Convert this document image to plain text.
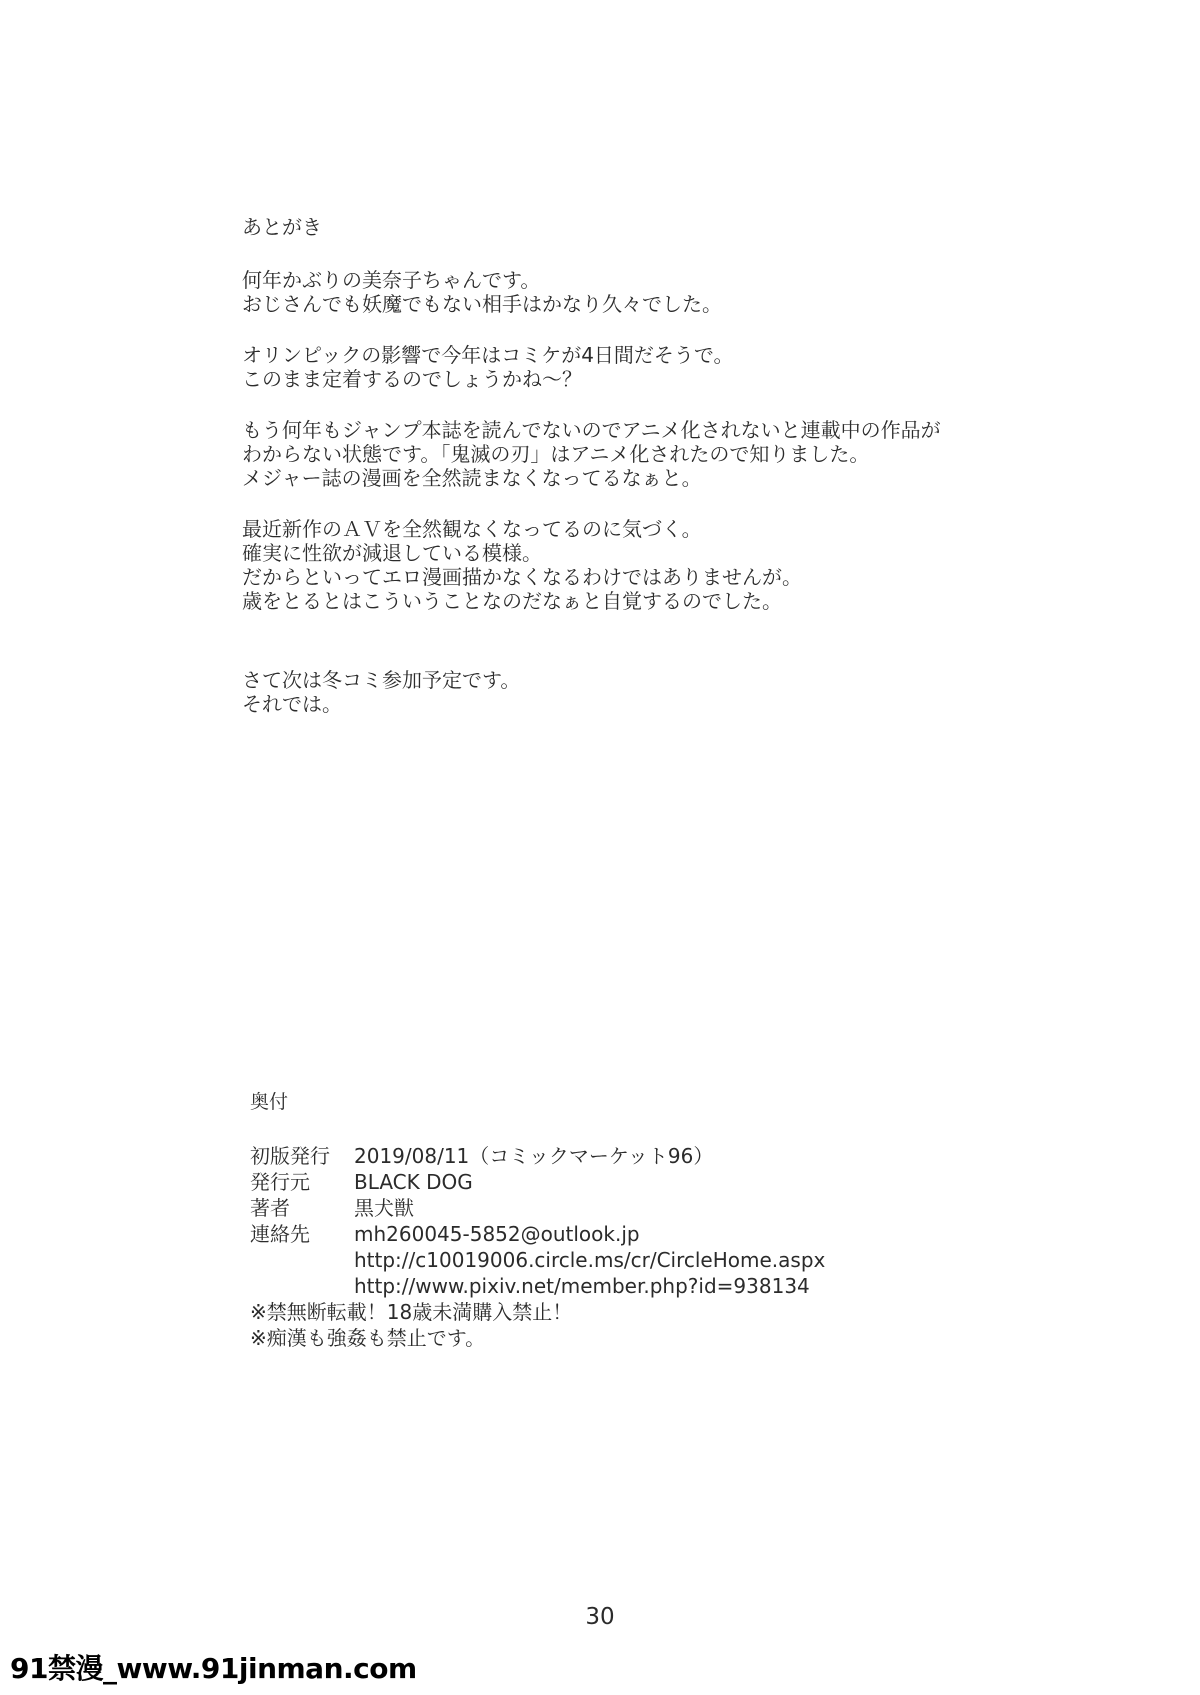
あとがき
何年かぶりの美奈子ちゃんです。
おじさんでも妖魔でもない相手はかなり久々でした。
オリンピックの影響で今年はコミケが4日間だそうで。
このまま定着するのでしょうかね～？
もう何年もジャンプ本誌を読んでないのでアニメ化されないと連載中の作品が
わからない状態です。「鬼滅の刃」はアニメ化されたので知りました。
メジャー誌の漫画を全然読まなくなってるなぁと。
最近新作のＡＶを全然観なくなってるのに気づく。
確実に性欲が減退している模様。
だからといってエロ漫画描かなくなるわけではありませんが。
歳をとるとはこういうことなのだなぁと自覚するのでした。
さて次は冬コミ参加予定です。
それでは。
奥付
初版発行	2019/08/11（コミックマーケット96）
発行元	BLACK DOG
著者	黒犬獣
連絡先	mh260045-5852@outlook.jp
http://c10019006.circle.ms/cr/CircleHome.aspx
http://www.pixiv.net/member.php?id=938134
※禁無断転載！18歳未満購入禁止！
※痴漢も強姦も禁止です。
30
91禁漫_www.91jinman.com
